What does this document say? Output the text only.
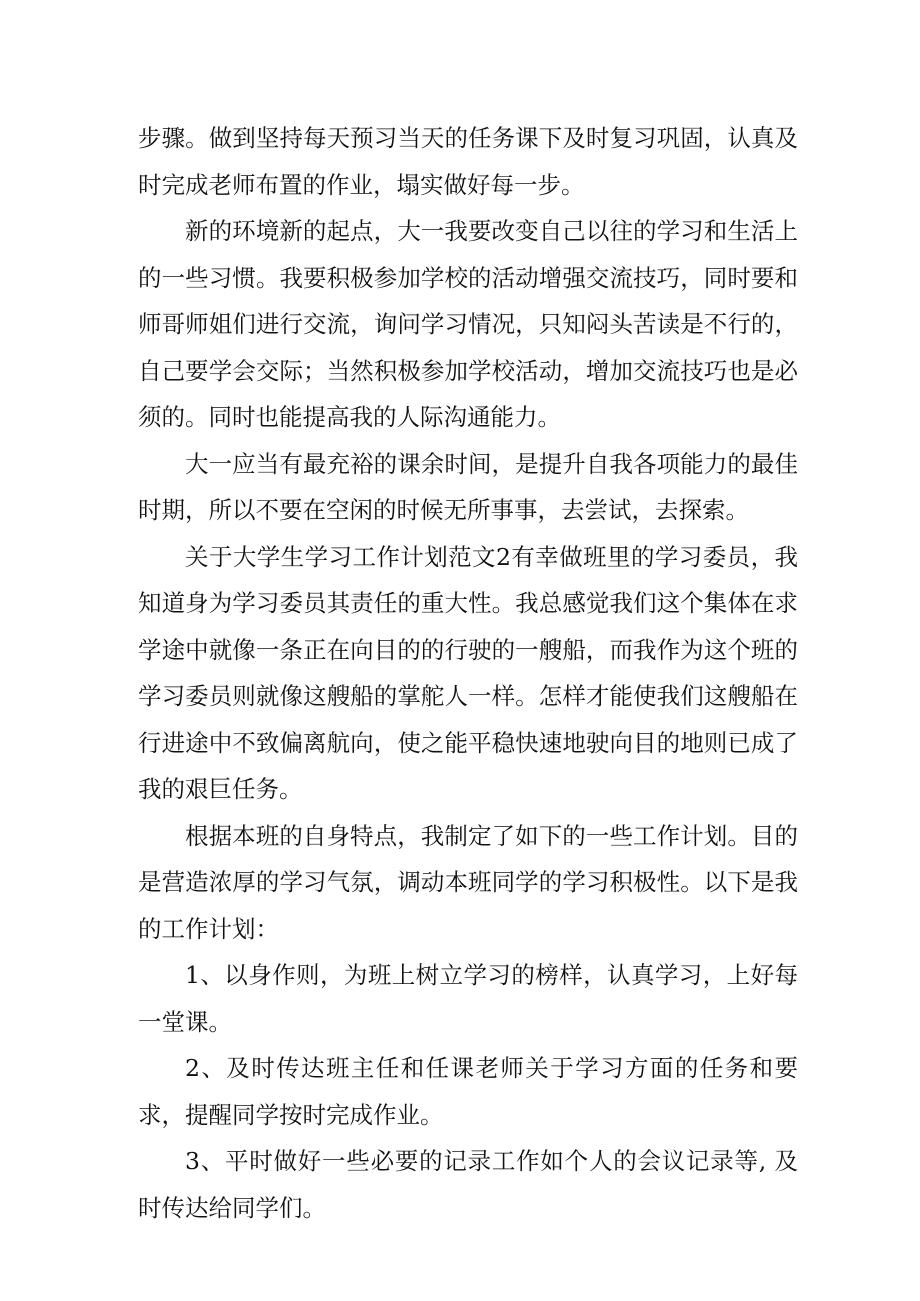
步骤。做到坚持每天预习当天的任务课下及时复习巩固，认真及时完成老师布置的作业，塌实做好每一步。

新的环境新的起点，大一我要改变自己以往的学习和生活上的一些习惯。我要积极参加学校的活动增强交流技巧，同时要和师哥师姐们进行交流，询问学习情况，只知闷头苦读是不行的，自己要学会交际；当然积极参加学校活动，增加交流技巧也是必须的。同时也能提高我的人际沟通能力。

大一应当有最充裕的课余时间，是提升自我各项能力的最佳时期，所以不要在空闲的时候无所事事，去尝试，去探索。

关于大学生学习工作计划范文2有幸做班里的学习委员，我知道身为学习委员其责任的重大性。我总感觉我们这个集体在求学途中就像一条正在向目的的行驶的一艘船，而我作为这个班的学习委员则就像这艘船的掌舵人一样。怎样才能使我们这艘船在行进途中不致偏离航向，使之能平稳快速地驶向目的地则已成了我的艰巨任务。

根据本班的自身特点，我制定了如下的一些工作计划。目的是营造浓厚的学习气氛，调动本班同学的学习积极性。以下是我的工作计划：

1、以身作则，为班上树立学习的榜样，认真学习，上好每一堂课。

2、及时传达班主任和任课老师关于学习方面的任务和要求，提醒同学按时完成作业。

3、平时做好一些必要的记录工作如个人的会议记录等, 及时传达给同学们。
